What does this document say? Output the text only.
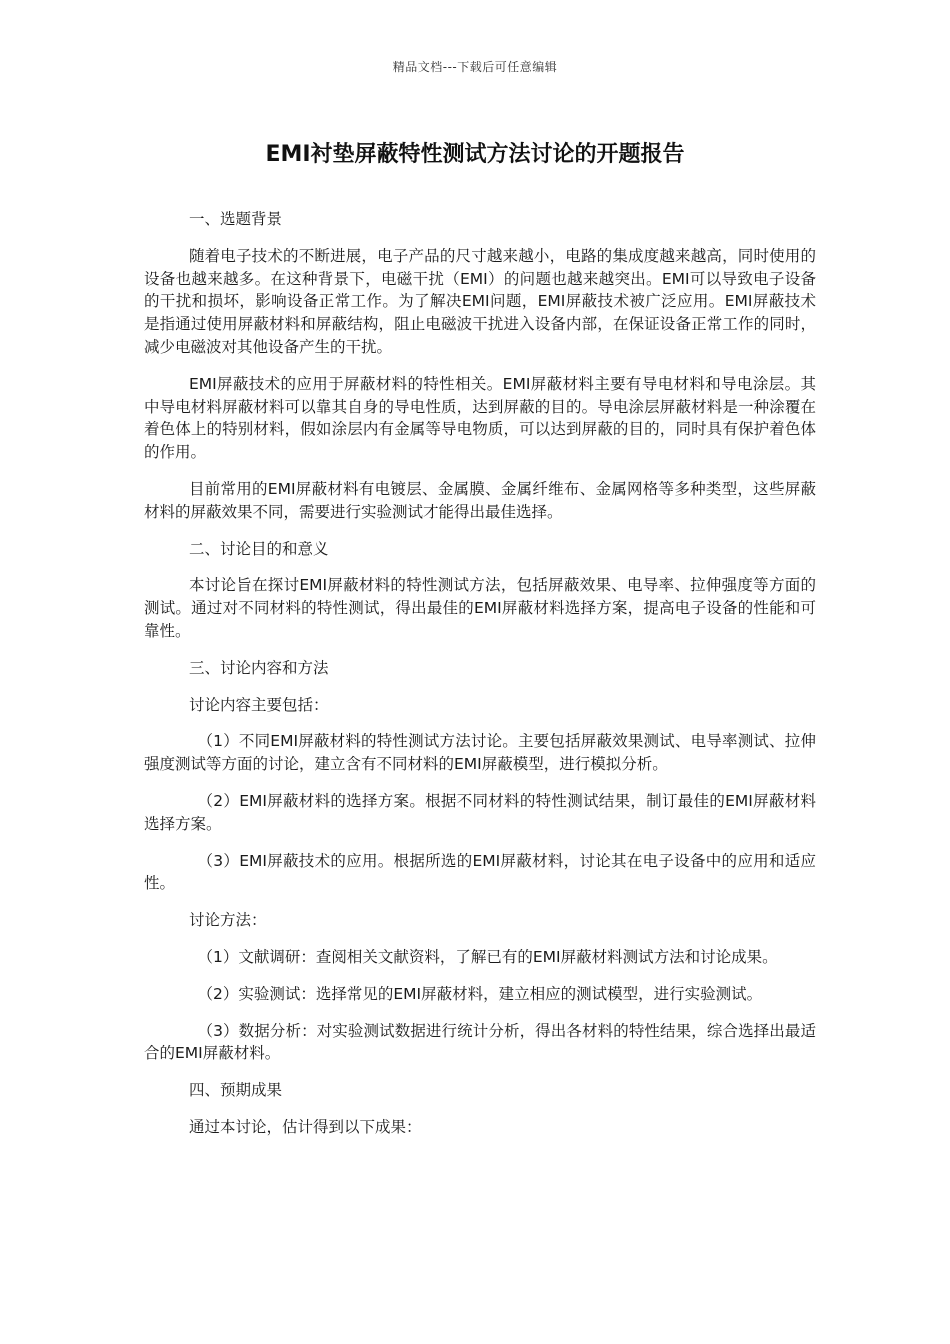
精品文档---下载后可任意编辑
EMI衬垫屏蔽特性测试方法讨论的开题报告
一、选题背景

随着电子技术的不断进展，电子产品的尺寸越来越小，电路的集成度越来越高，同时使用的设备也越来越多。在这种背景下，电磁干扰（EMI）的问题也越来越突出。EMI可以导致电子设备的干扰和损坏，影响设备正常工作。为了解决EMI问题，EMI屏蔽技术被广泛应用。EMI屏蔽技术是指通过使用屏蔽材料和屏蔽结构，阻止电磁波干扰进入设备内部，在保证设备正常工作的同时，减少电磁波对其他设备产生的干扰。

EMI屏蔽技术的应用于屏蔽材料的特性相关。EMI屏蔽材料主要有导电材料和导电涂层。其中导电材料屏蔽材料可以靠其自身的导电性质，达到屏蔽的目的。导电涂层屏蔽材料是一种涂覆在着色体上的特别材料，假如涂层内有金属等导电物质，可以达到屏蔽的目的，同时具有保护着色体的作用。

目前常用的EMI屏蔽材料有电镀层、金属膜、金属纤维布、金属网格等多种类型，这些屏蔽材料的屏蔽效果不同，需要进行实验测试才能得出最佳选择。

二、讨论目的和意义

本讨论旨在探讨EMI屏蔽材料的特性测试方法，包括屏蔽效果、电导率、拉伸强度等方面的测试。通过对不同材料的特性测试，得出最佳的EMI屏蔽材料选择方案，提高电子设备的性能和可靠性。

三、讨论内容和方法

讨论内容主要包括：

（1）不同EMI屏蔽材料的特性测试方法讨论。主要包括屏蔽效果测试、电导率测试、拉伸强度测试等方面的讨论，建立含有不同材料的EMI屏蔽模型，进行模拟分析。

（2）EMI屏蔽材料的选择方案。根据不同材料的特性测试结果，制订最佳的EMI屏蔽材料选择方案。

（3）EMI屏蔽技术的应用。根据所选的EMI屏蔽材料，讨论其在电子设备中的应用和适应性。

讨论方法：

（1）文献调研：查阅相关文献资料，了解已有的EMI屏蔽材料测试方法和讨论成果。

（2）实验测试：选择常见的EMI屏蔽材料，建立相应的测试模型，进行实验测试。

（3）数据分析：对实验测试数据进行统计分析，得出各材料的特性结果，综合选择出最适合的EMI屏蔽材料。

四、预期成果

通过本讨论，估计得到以下成果：
